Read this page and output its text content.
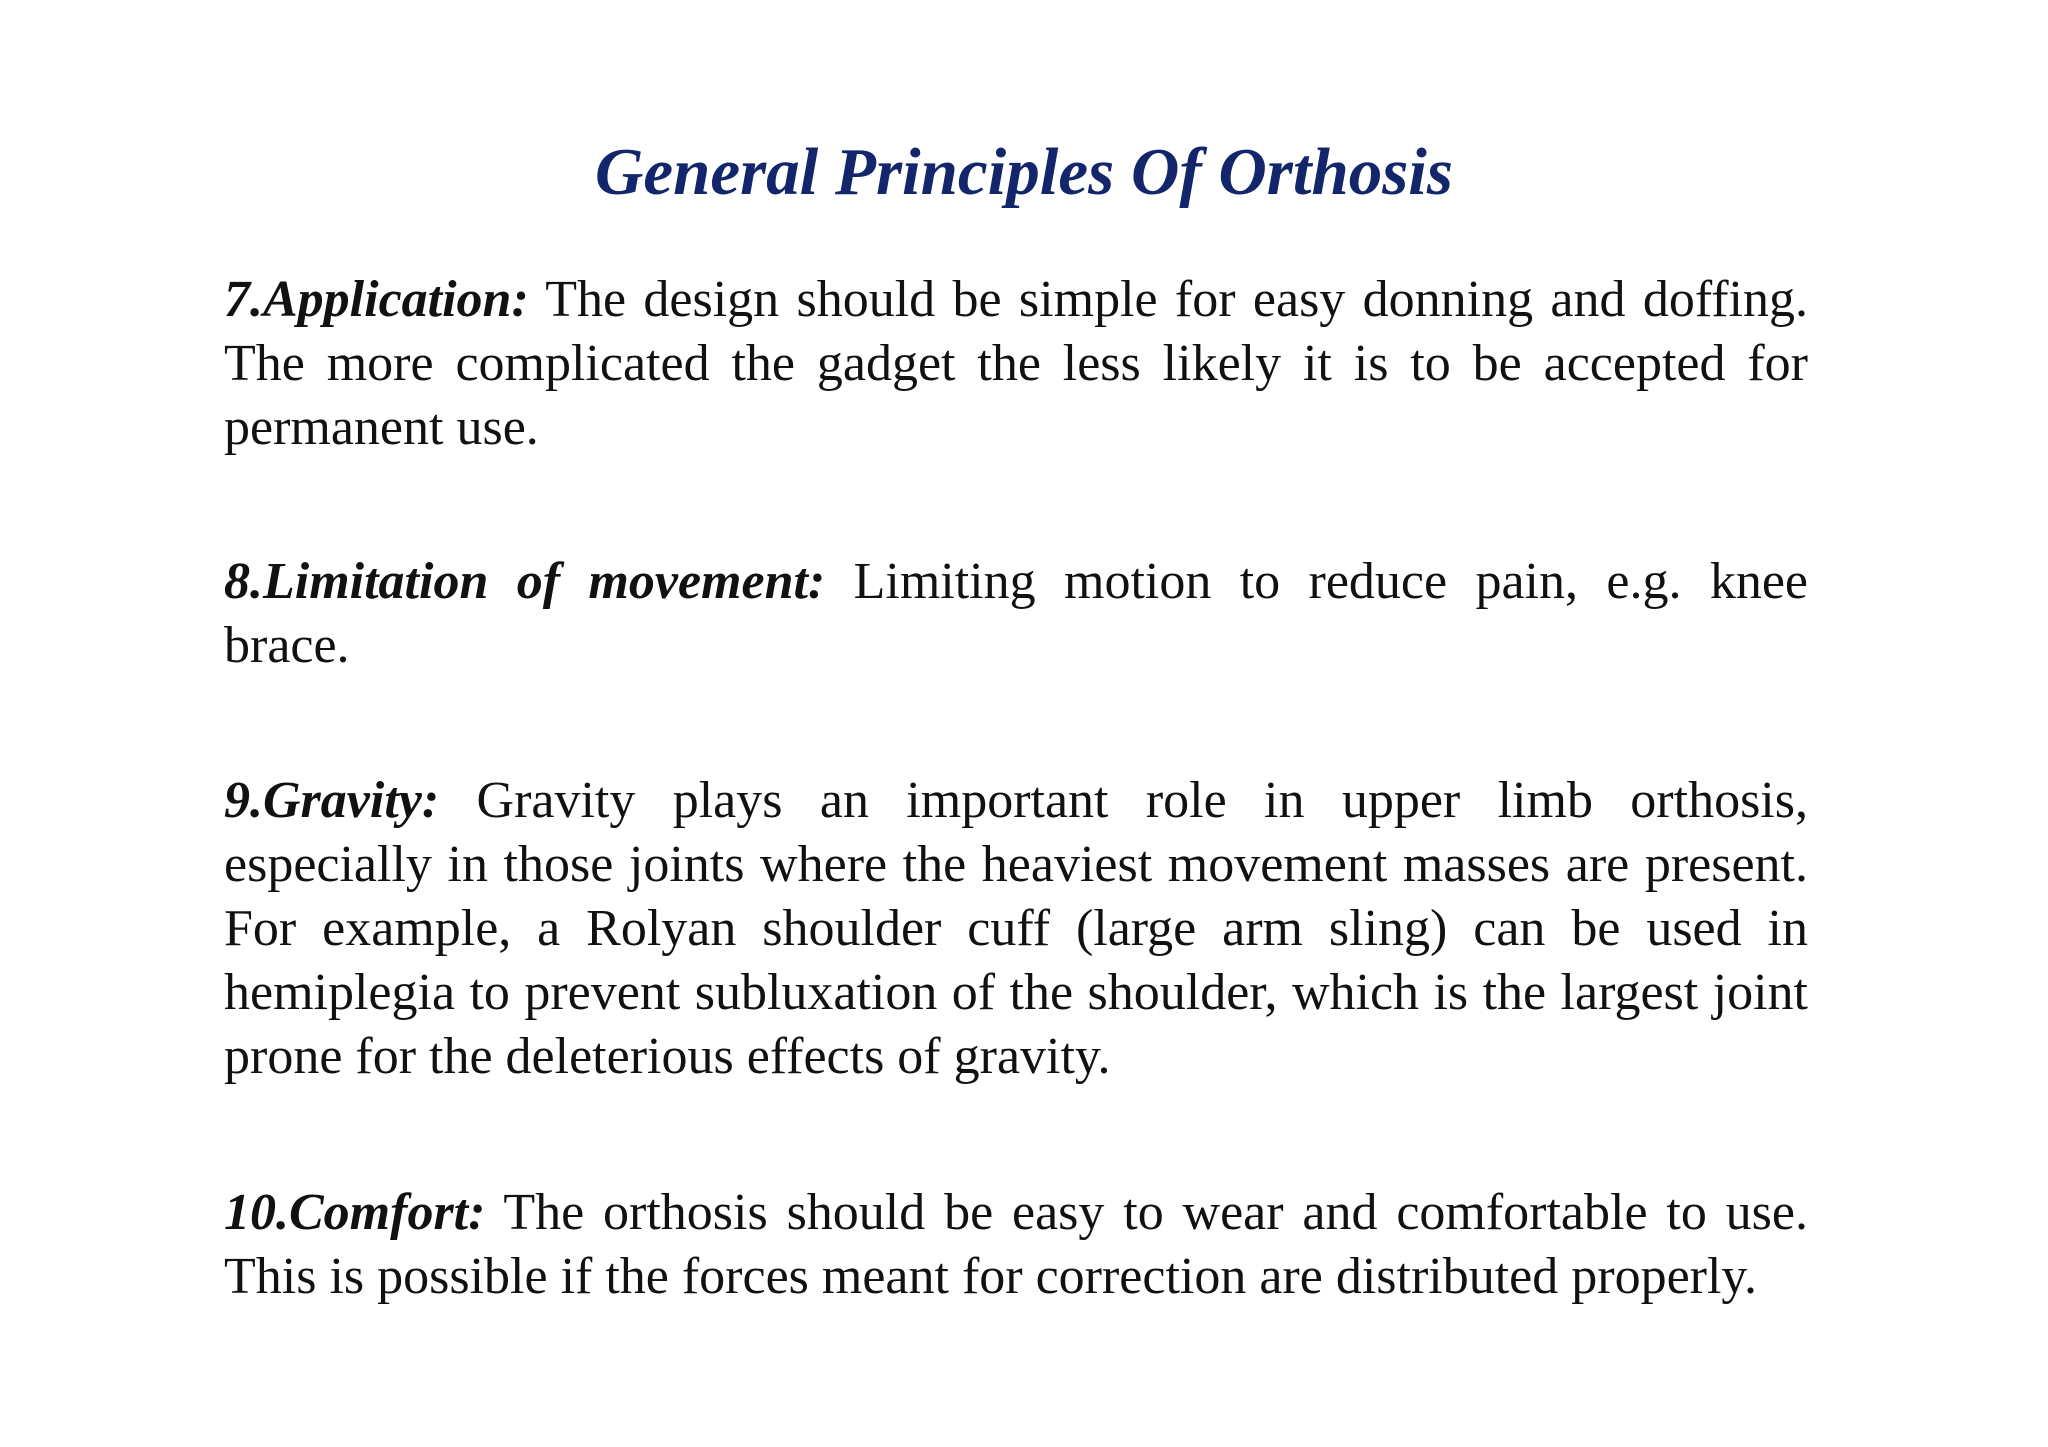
General Principles Of Orthosis

7.Application: The design should be simple for easy donning and doffing. The more complicated the gadget the less likely it is to be accepted for permanent use.

8.Limitation of movement: Limiting motion to reduce pain, e.g. knee brace.

9.Gravity: Gravity plays an important role in upper limb orthosis, especially in those joints where the heaviest movement masses are present. For example, a Rolyan shoulder cuff (large arm sling) can be used in hemiplegia to prevent subluxation of the shoulder, which is the largest joint prone for the deleterious effects of gravity.

10.Comfort: The orthosis should be easy to wear and comfortable to use. This is possible if the forces meant for correction are distributed properly.
